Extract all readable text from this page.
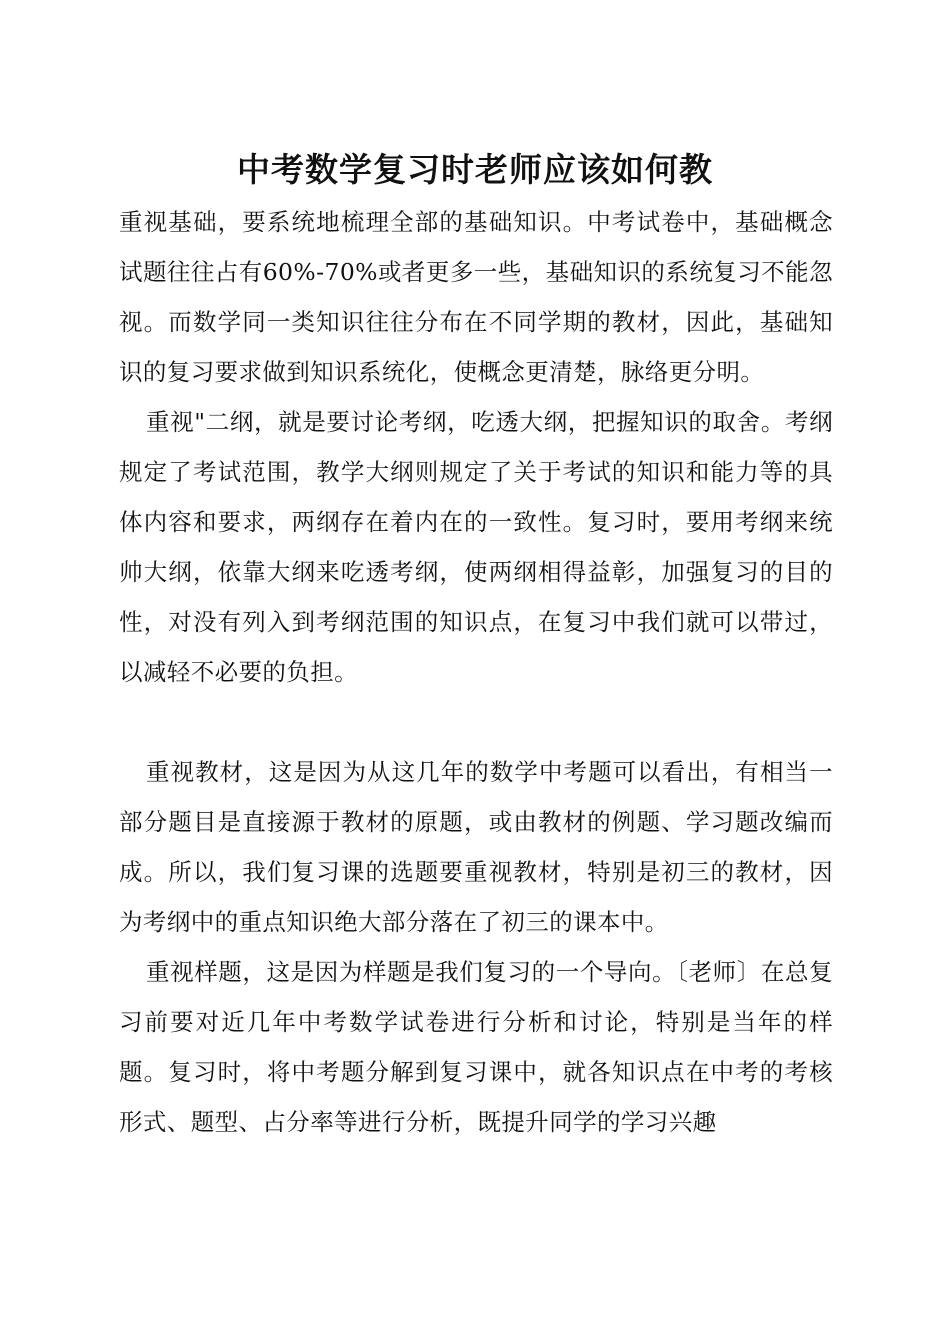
中考数学复习时老师应该如何教

重视基础，要系统地梳理全部的基础知识。中考试卷中，基础概念试题往往占有60%-70%或者更多一些，基础知识的系统复习不能忽视。而数学同一类知识往往分布在不同学期的教材，因此，基础知识的复习要求做到知识系统化，使概念更清楚，脉络更分明。

重视"二纲，就是要讨论考纲，吃透大纲，把握知识的取舍。考纲规定了考试范围，教学大纲则规定了关于考试的知识和能力等的具体内容和要求，两纲存在着内在的一致性。复习时，要用考纲来统帅大纲，依靠大纲来吃透考纲，使两纲相得益彰，加强复习的目的性，对没有列入到考纲范围的知识点，在复习中我们就可以带过，以减轻不必要的负担。

重视教材，这是因为从这几年的数学中考题可以看出，有相当一部分题目是直接源于教材的原题，或由教材的例题、学习题改编而成。所以，我们复习课的选题要重视教材，特别是初三的教材，因为考纲中的重点知识绝大部分落在了初三的课本中。

重视样题，这是因为样题是我们复习的一个导向。〔老师〕在总复习前要对近几年中考数学试卷进行分析和讨论，特别是当年的样题。复习时，将中考题分解到复习课中，就各知识点在中考的考核形式、题型、占分率等进行分析，既提升同学的学习兴趣
